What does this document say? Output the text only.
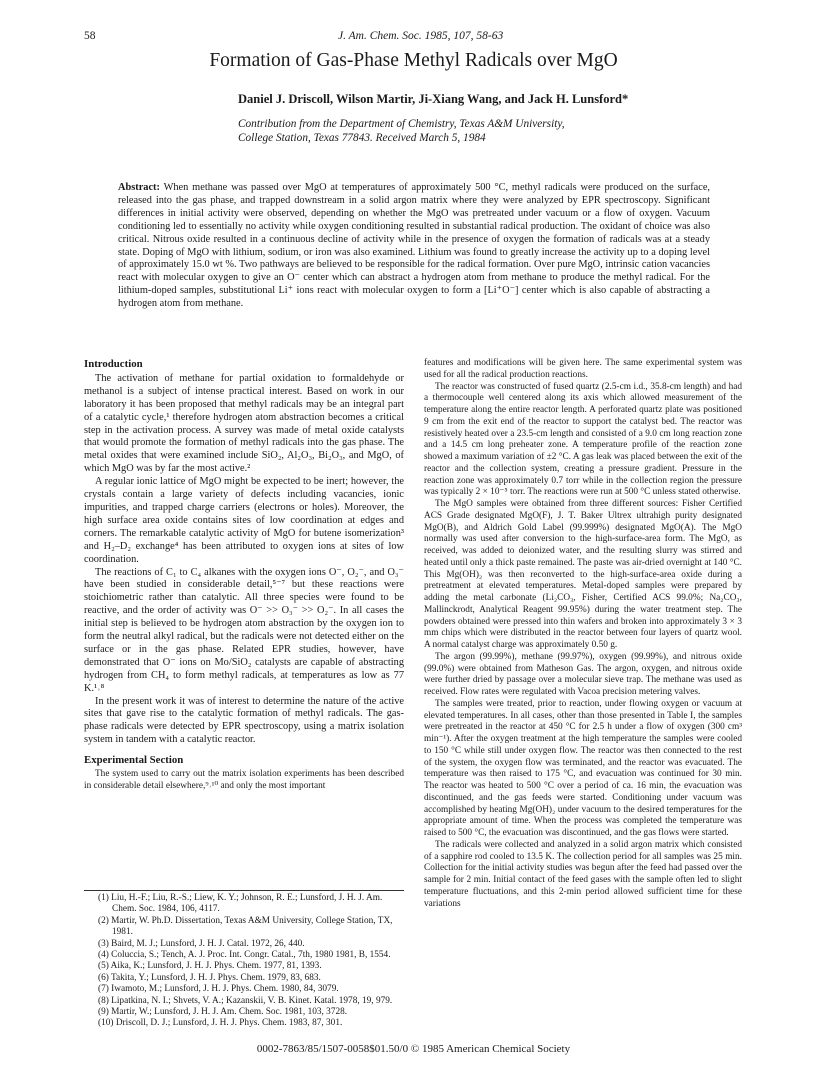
58	J. Am. Chem. Soc. 1985, 107, 58-63
Formation of Gas-Phase Methyl Radicals over MgO
Daniel J. Driscoll, Wilson Martir, Ji-Xiang Wang, and Jack H. Lunsford*
Contribution from the Department of Chemistry, Texas A&M University,
College Station, Texas 77843. Received March 5, 1984
Abstract: When methane was passed over MgO at temperatures of approximately 500 °C, methyl radicals were produced on the surface, released into the gas phase, and trapped downstream in a solid argon matrix where they were analyzed by EPR spectroscopy. Significant differences in initial activity were observed, depending on whether the MgO was pretreated under vacuum or a flow of oxygen. Vacuum conditioning led to essentially no activity while oxygen conditioning resulted in substantial radical production. The oxidant of choice was also critical. Nitrous oxide resulted in a continuous decline of activity while in the presence of oxygen the formation of radicals was at a steady state. Doping of MgO with lithium, sodium, or iron was also examined. Lithium was found to greatly increase the activity up to a doping level of approximately 15.0 wt %. Two pathways are believed to be responsible for the radical formation. Over pure MgO, intrinsic cation vacancies react with molecular oxygen to give an O⁻ center which can abstract a hydrogen atom from methane to produce the methyl radical. For the lithium-doped samples, substitutional Li⁺ ions react with molecular oxygen to form a [Li⁺O⁻] center which is also capable of abstracting a hydrogen atom from methane.
Introduction

The activation of methane for partial oxidation to formaldehyde or methanol is a subject of intense practical interest. Based on work in our laboratory it has been proposed that methyl radicals may be an integral part of a catalytic cycle,¹ therefore hydrogen atom abstraction becomes a critical step in the activation process. A survey was made of metal oxide catalysts that would promote the formation of methyl radicals into the gas phase. The metal oxides that were examined include SiO₂, Al₂O₃, Bi₂O₃, and MgO, of which MgO was by far the most active.²

A regular ionic lattice of MgO might be expected to be inert; however, the crystals contain a large variety of defects including vacancies, ionic impurities, and trapped charge carriers (electrons or holes). Moreover, the high surface area oxide contains sites of low coordination at edges and corners. The remarkable catalytic activity of MgO for butene isomerization³ and H₂–D₂ exchange⁴ has been attributed to oxygen ions at sites of low coordination.

The reactions of C₁ to C₄ alkanes with the oxygen ions O⁻, O₂⁻, and O₃⁻ have been studied in considerable detail,⁵⁻⁷ but these reactions were stoichiometric rather than catalytic. All three species were found to be reactive, and the order of activity was O⁻ >> O₃⁻ >> O₂⁻. In all cases the initial step is believed to be hydrogen atom abstraction by the oxygen ion to form the neutral alkyl radical, but the radicals were not detected either on the surface or in the gas phase. Related EPR studies, however, have demonstrated that O⁻ ions on Mo/SiO₂ catalysts are capable of abstracting hydrogen from CH₄ to form methyl radicals, at temperatures as low as 77 K.¹˒⁸

In the present work it was of interest to determine the nature of the active sites that gave rise to the catalytic formation of methyl radicals. The gas-phase radicals were detected by EPR spectroscopy, using a matrix isolation system in tandem with a catalytic reactor.

Experimental Section

The system used to carry out the matrix isolation experiments has been described in considerable detail elsewhere,⁹˒¹⁰ and only the most important

(1) Liu, H.-F.; Liu, R.-S.; Liew, K. Y.; Johnson, R. E.; Lunsford, J. H. J. Am. Chem. Soc. 1984, 106, 4117.
(2) Martir, W. Ph.D. Dissertation, Texas A&M University, College Station, TX, 1981.
(3) Baird, M. J.; Lunsford, J. H. J. Catal. 1972, 26, 440.
(4) Coluccia, S.; Tench, A. J. Proc. Int. Congr. Catal., 7th, 1980 1981, B, 1554.
(5) Aika, K.; Lunsford, J. H. J. Phys. Chem. 1977, 81, 1393.
(6) Takita, Y.; Lunsford, J. H. J. Phys. Chem. 1979, 83, 683.
(7) Iwamoto, M.; Lunsford, J. H. J. Phys. Chem. 1980, 84, 3079.
(8) Lipatkina, N. I.; Shvets, V. A.; Kazanskii, V. B. Kinet. Katal. 1978, 19, 979.
(9) Martir, W.; Lunsford, J. H. J. Am. Chem. Soc. 1981, 103, 3728.
(10) Driscoll, D. J.; Lunsford, J. H. J. Phys. Chem. 1983, 87, 301.

features and modifications will be given here. The same experimental system was used for all the radical production reactions.

The reactor was constructed of fused quartz (2.5-cm i.d., 35.8-cm length) and had a thermocouple well centered along its axis which allowed measurement of the temperature along the entire reactor length. A perforated quartz plate was positioned 9 cm from the exit end of the reactor to support the catalyst bed. The reactor was resistively heated over a 23.5-cm length and consisted of a 9.0 cm long reaction zone and a 14.5 cm long preheater zone. A temperature profile of the reaction zone showed a maximum variation of ±2 °C. A gas leak was placed between the exit of the reactor and the collection system, creating a pressure gradient. Pressure in the reaction zone was approximately 0.7 torr while in the collection region the pressure was typically 2 × 10⁻⁵ torr. The reactions were run at 500 °C unless stated otherwise.

The MgO samples were obtained from three different sources: Fisher Certified ACS Grade designated MgO(F), J. T. Baker Ultrex ultrahigh purity designated MgO(B), and Aldrich Gold Label (99.999%) designated MgO(A). The MgO normally was used after conversion to the high-surface-area form. The MgO, as received, was added to deionized water, and the resulting slurry was stirred and heated until only a thick paste remained. The paste was air-dried overnight at 140 °C. This Mg(OH)₂ was then reconverted to the high-surface-area oxide during a pretreatment at elevated temperatures. Metal-doped samples were prepared by adding the metal carbonate (Li₂CO₃, Fisher, Certified ACS 99.0%; Na₂CO₃, Mallinckrodt, Analytical Reagent 99.95%) during the water treatment step. The powders obtained were pressed into thin wafers and broken into approximately 3 × 3 mm chips which were distributed in the reactor between four layers of quartz wool. A normal catalyst charge was approximately 0.50 g.

The argon (99.99%), methane (99.97%), oxygen (99.99%), and nitrous oxide (99.0%) were obtained from Matheson Gas. The argon, oxygen, and nitrous oxide were further dried by passage over a molecular sieve trap. The methane was used as received. Flow rates were regulated with Vacoa precision metering valves.

The samples were treated, prior to reaction, under flowing oxygen or vacuum at elevated temperatures. In all cases, other than those presented in Table I, the samples were pretreated in the reactor at 450 °C for 2.5 h under a flow of oxygen (300 cm³ min⁻¹). After the oxygen treatment at the high temperature the samples were cooled to 150 °C while still under oxygen flow. The reactor was then connected to the rest of the system, the oxygen flow was terminated, and the reactor was evacuated. The temperature was then raised to 175 °C, and evacuation was continued for 30 min. The reactor was heated to 500 °C over a period of ca. 16 min, the evacuation was discontinued, and the gas feeds were started. Conditioning under vacuum was accomplished by heating Mg(OH)₂ under vacuum to the desired temperatures for the appropriate amount of time. When the process was completed the temperature was raised to 500 °C, the evacuation was discontinued, and the gas flows were started.

The radicals were collected and analyzed in a solid argon matrix which consisted of a sapphire rod cooled to 13.5 K. The collection period for all samples was 25 min. Collection for the initial activity studies was begun after the feed had passed over the sample for 2 min. Initial contact of the feed gases with the sample often led to slight temperature fluctuations, and this 2-min period allowed sufficient time for these variations

0002-7863/85/1507-0058$01.50/0 © 1985 American Chemical Society
